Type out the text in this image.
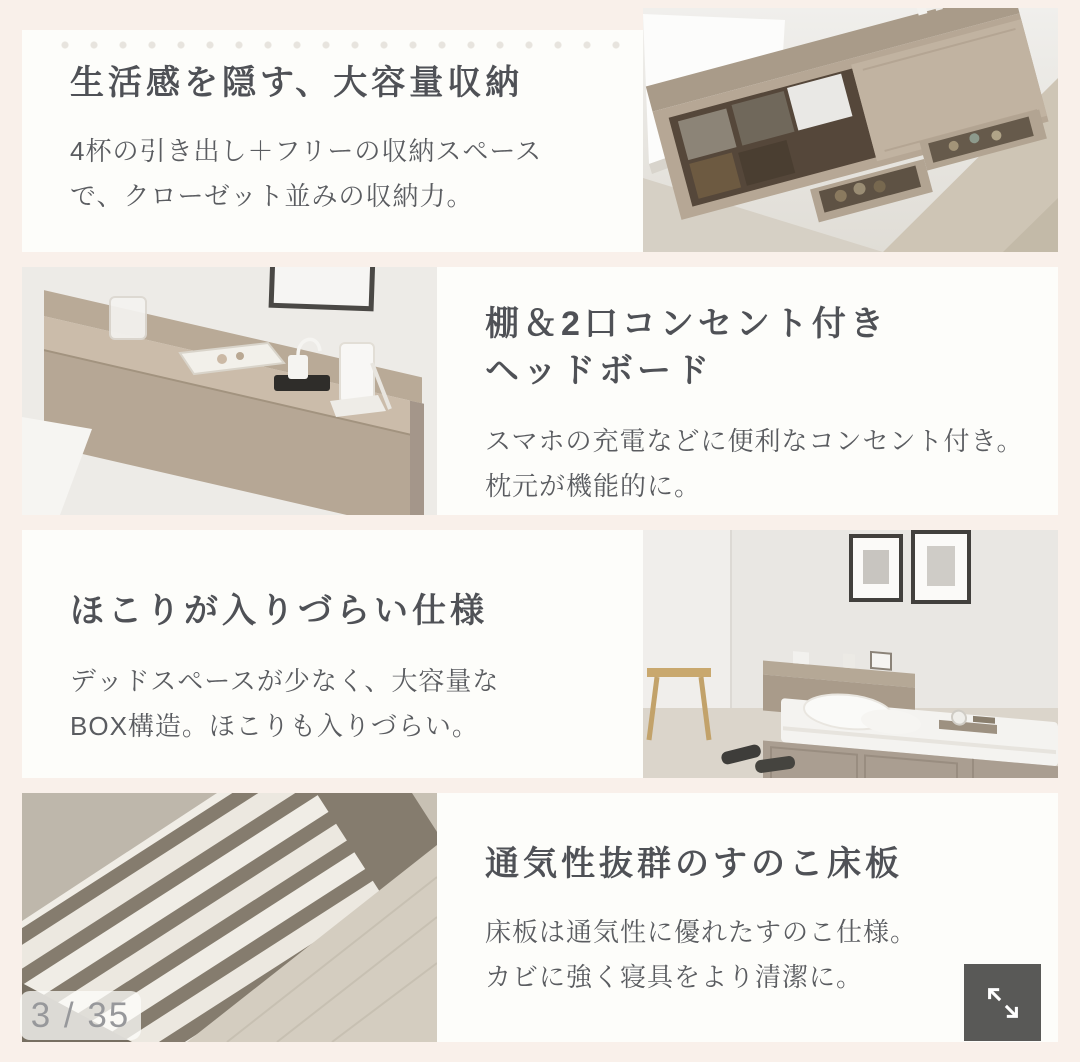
生活感を隠す、大容量収納

4杯の引き出し＋フリーの収納スペース
で、クローゼット並みの収納力。

棚＆2口コンセント付き
ヘッドボード

スマホの充電などに便利なコンセント付き。
枕元が機能的に。

ほこりが入りづらい仕様

デッドスペースが少なく、大容量な
BOX構造。ほこりも入りづらい。

通気性抜群のすのこ床板

床板は通気性に優れたすのこ仕様。
カビに強く寝具をより清潔に。

3 / 35
